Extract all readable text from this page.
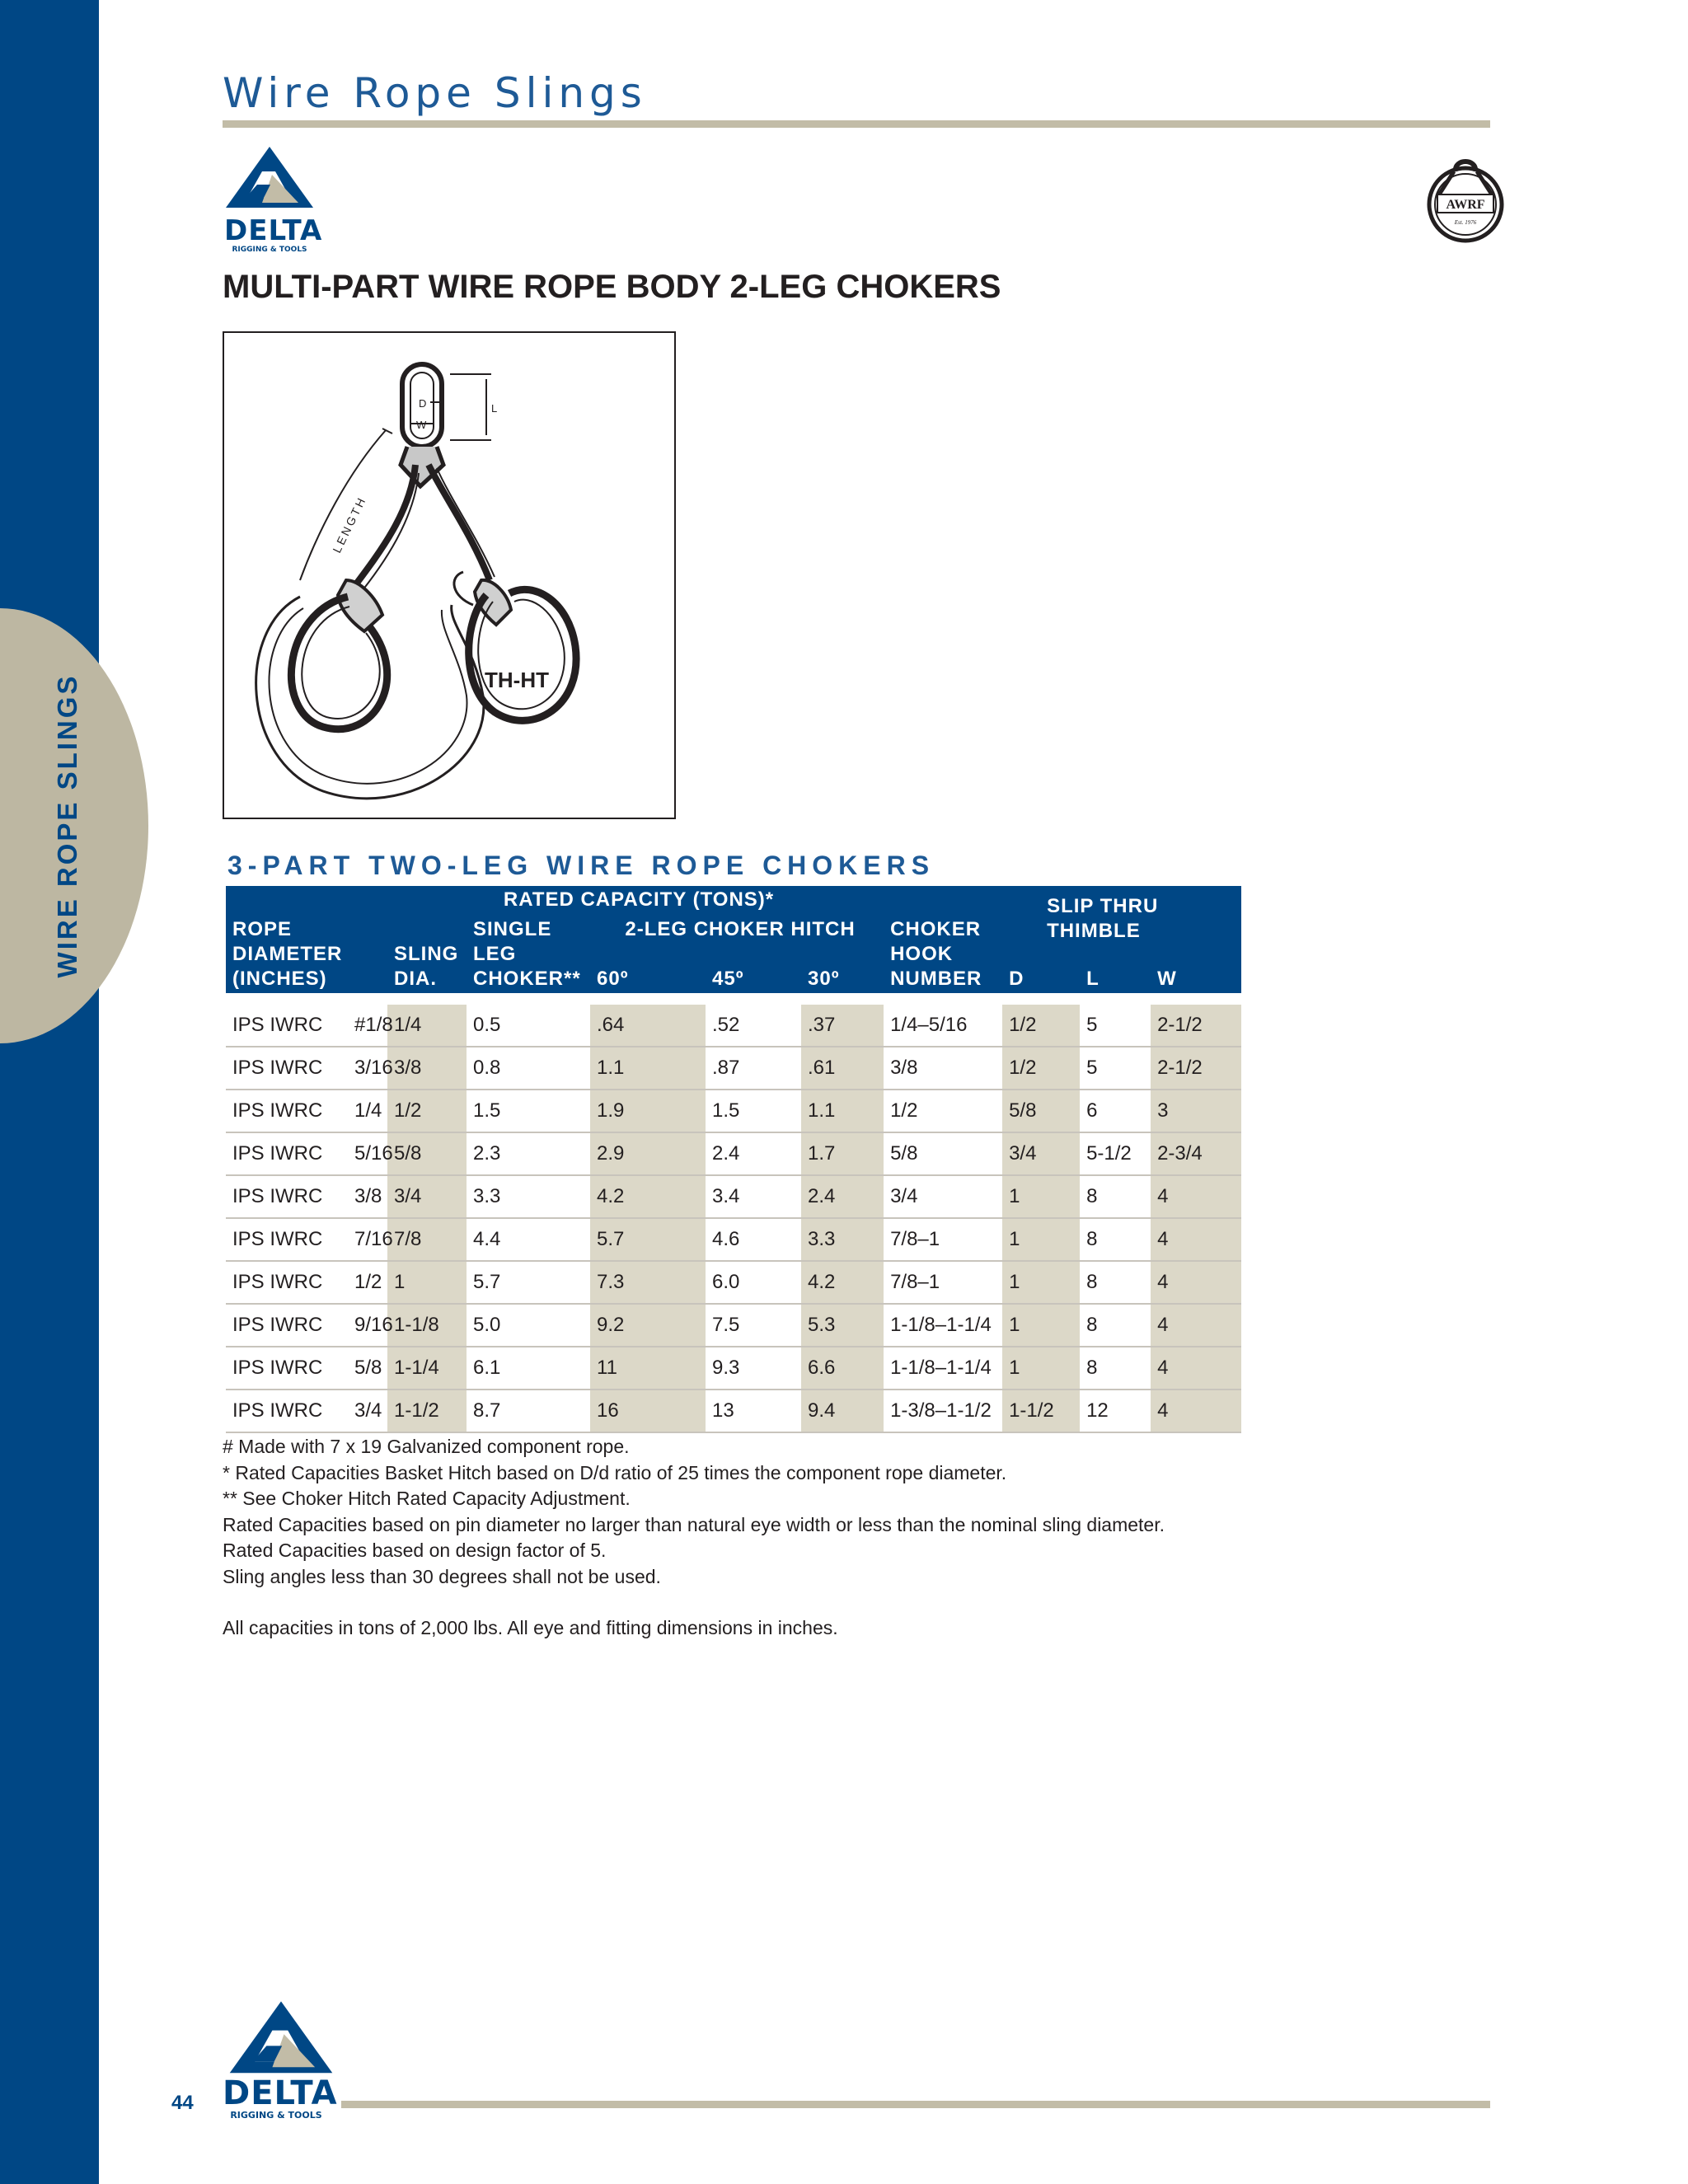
WIRE ROPE SLINGS
Wire Rope Slings
DELTA
RIGGING & TOOLS
AWRF
Est. 1976
MULTI-PART WIRE ROPE BODY 2-LEG CHOKERS
D
W
L
LENGTH
TH-HT
3-PART TWO-LEG WIRE ROPE CHOKERS
		RATED CAPACITY (TONS)*						SLIP THRU THIMBLE		
ROPE DIAMETER (INCHES)		SLING DIA.	SINGLE LEG CHOKER**	2-LEG CHOKER HITCH			CHOKER HOOK NUMBER			
				60º	45º	30º		D	L	W
IPS IWRC	#1/8	1/4	0.5	.64	.52	.37	1/4–5/16	1/2	5	2-1/2
IPS IWRC	3/16	3/8	0.8	1.1	.87	.61	3/8	1/2	5	2-1/2
IPS IWRC	1/4	1/2	1.5	1.9	1.5	1.1	1/2	5/8	6	3
IPS IWRC	5/16	5/8	2.3	2.9	2.4	1.7	5/8	3/4	5-1/2	2-3/4
IPS IWRC	3/8	3/4	3.3	4.2	3.4	2.4	3/4	1	8	4
IPS IWRC	7/16	7/8	4.4	5.7	4.6	3.3	7/8–1	1	8	4
IPS IWRC	1/2	1	5.7	7.3	6.0	4.2	7/8–1	1	8	4
IPS IWRC	9/16	1-1/8	5.0	9.2	7.5	5.3	1-1/8–1-1/4	1	8	4
IPS IWRC	5/8	1-1/4	6.1	11	9.3	6.6	1-1/8–1-1/4	1	8	4
IPS IWRC	3/4	1-1/2	8.7	16	13	9.4	1-3/8–1-1/2	1-1/2	12	4

# Made with 7 x 19 Galvanized component rope.

* Rated Capacities Basket Hitch based on D/d ratio of 25 times the component rope diameter.

** See Choker Hitch Rated Capacity Adjustment.

Rated Capacities based on pin diameter no larger than natural eye width or less than the nominal sling diameter.

Rated Capacities based on design factor of 5.

Sling angles less than 30 degrees shall not be used.

All capacities in tons of 2,000 lbs. All eye and fitting dimensions in inches.

44 DELTA
RIGGING & TOOLS
